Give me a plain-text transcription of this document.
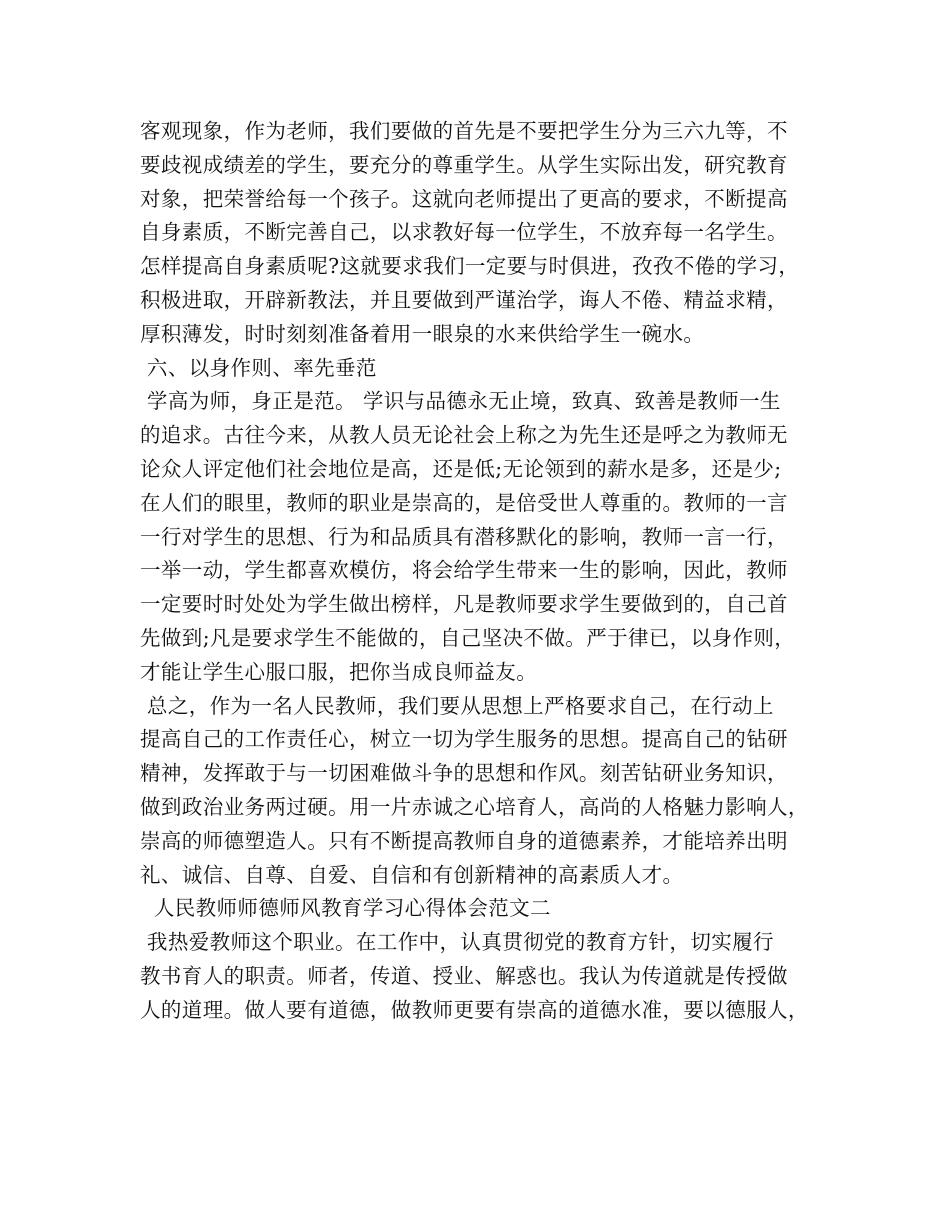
客观现象，作为老师，我们要做的首先是不要把学生分为三六九等，不
要歧视成绩差的学生，要充分的尊重学生。从学生实际出发，研究教育
对象，把荣誉给每一个孩子。这就向老师提出了更高的要求，不断提高
自身素质，不断完善自己，以求教好每一位学生，不放弃每一名学生。
怎样提高自身素质呢?这就要求我们一定要与时俱进，孜孜不倦的学习，
积极进取，开辟新教法，并且要做到严谨治学，诲人不倦、精益求精，
厚积薄发，时时刻刻准备着用一眼泉的水来供给学生一碗水。
六、以身作则、率先垂范
学高为师，身正是范。 学识与品德永无止境，致真、致善是教师一生
的追求。古往今来，从教人员无论社会上称之为先生还是呼之为教师无
论众人评定他们社会地位是高，还是低;无论领到的薪水是多，还是少;
在人们的眼里，教师的职业是崇高的，是倍受世人尊重的。教师的一言
一行对学生的思想、行为和品质具有潜移默化的影响，教师一言一行，
一举一动，学生都喜欢模仿，将会给学生带来一生的影响，因此，教师
一定要时时处处为学生做出榜样，凡是教师要求学生要做到的，自己首
先做到;凡是要求学生不能做的，自己坚决不做。严于律已，以身作则，
才能让学生心服口服，把你当成良师益友。
总之，作为一名人民教师，我们要从思想上严格要求自己，在行动上
提高自己的工作责任心，树立一切为学生服务的思想。提高自己的钻研
精神，发挥敢于与一切困难做斗争的思想和作风。刻苦钻研业务知识，
做到政治业务两过硬。用一片赤诚之心培育人，高尚的人格魅力影响人，
崇高的师德塑造人。只有不断提高教师自身的道德素养，才能培养出明
礼、诚信、自尊、自爱、自信和有创新精神的高素质人才。
人民教师师德师风教育学习心得体会范文二
我热爱教师这个职业。在工作中，认真贯彻党的教育方针，切实履行
教书育人的职责。师者，传道、授业、解惑也。我认为传道就是传授做
人的道理。做人要有道德，做教师更要有崇高的道德水准，要以德服人，
